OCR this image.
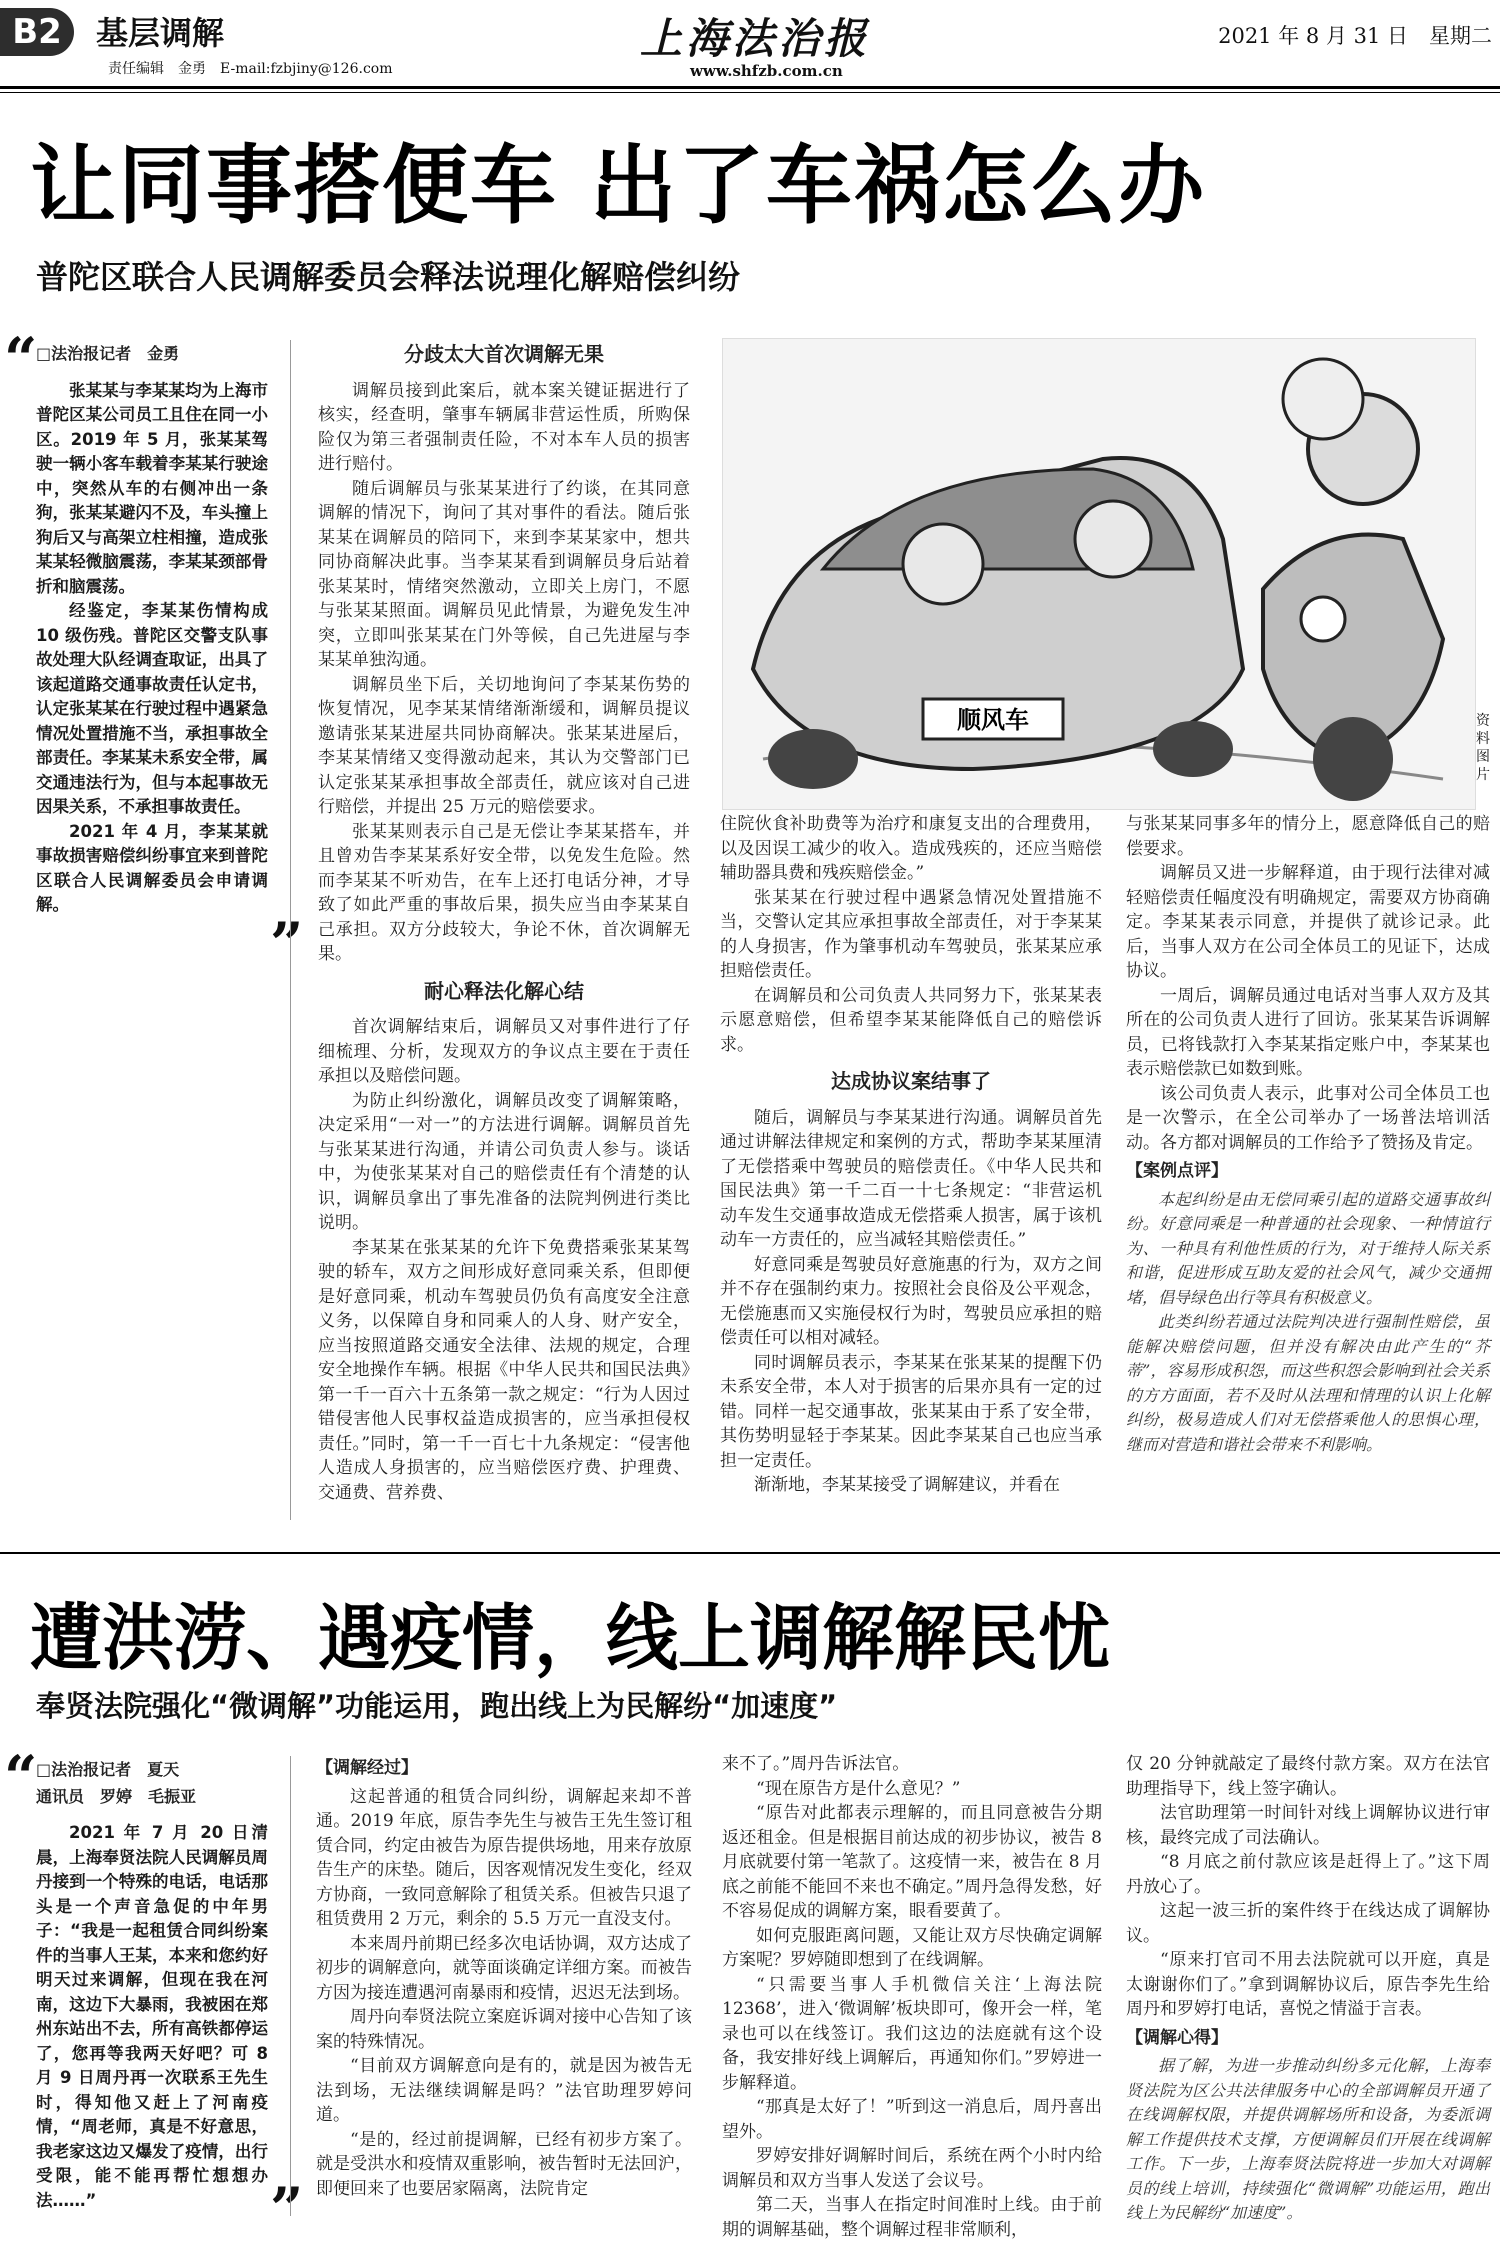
B2	基层调解
责任编辑　金勇　E-mail:fzbjiny@126.com
上海法治报
www.shfzb.com.cn
2021 年 8 月 31 日　星期二
让同事搭便车 出了车祸怎么办
普陀区联合人民调解委员会释法说理化解赔偿纠纷
“
”
□法治报记者　金勇

张某某与李某某均为上海市普陀区某公司员工且住在同一小区。2019 年 5 月，张某某驾驶一辆小客车载着李某某行驶途中，突然从车的右侧冲出一条狗，张某某避闪不及，车头撞上狗后又与高架立柱相撞，造成张某某轻微脑震荡，李某某颈部骨折和脑震荡。

经鉴定，李某某伤情构成 10 级伤残。普陀区交警支队事故处理大队经调查取证，出具了该起道路交通事故责任认定书，认定张某某在行驶过程中遇紧急情况处置措施不当，承担事故全部责任。李某某未系安全带，属交通违法行为，但与本起事故无因果关系，不承担事故责任。

2021 年 4 月，李某某就事故损害赔偿纠纷事宜来到普陀区联合人民调解委员会申请调解。

分歧太大首次调解无果

调解员接到此案后，就本案关键证据进行了核实，经查明，肇事车辆属非营运性质，所购保险仅为第三者强制责任险，不对本车人员的损害进行赔付。

随后调解员与张某某进行了约谈，在其同意调解的情况下，询问了其对事件的看法。随后张某某在调解员的陪同下，来到李某某家中，想共同协商解决此事。当李某某看到调解员身后站着张某某时，情绪突然激动，立即关上房门，不愿与张某某照面。调解员见此情景，为避免发生冲突，立即叫张某某在门外等候，自己先进屋与李某某单独沟通。

调解员坐下后，关切地询问了李某某伤势的恢复情况，见李某某情绪渐渐缓和，调解员提议邀请张某某进屋共同协商解决。张某某进屋后，李某某情绪又变得激动起来，其认为交警部门已认定张某某承担事故全部责任，就应该对自己进行赔偿，并提出 25 万元的赔偿要求。

张某某则表示自己是无偿让李某某搭车，并且曾劝告李某某系好安全带，以免发生危险。然而李某某不听劝告，在车上还打电话分神，才导致了如此严重的事故后果，损失应当由李某某自己承担。双方分歧较大，争论不休，首次调解无果。

耐心释法化解心结

首次调解结束后，调解员又对事件进行了仔细梳理、分析，发现双方的争议点主要在于责任承担以及赔偿问题。

为防止纠纷激化，调解员改变了调解策略，决定采用“一对一”的方法进行调解。调解员首先与张某某进行沟通，并请公司负责人参与。谈话中，为使张某某对自己的赔偿责任有个清楚的认识，调解员拿出了事先准备的法院判例进行类比说明。

李某某在张某某的允许下免费搭乘张某某驾驶的轿车，双方之间形成好意同乘关系，但即便是好意同乘，机动车驾驶员仍负有高度安全注意义务，以保障自身和同乘人的人身、财产安全，应当按照道路交通安全法律、法规的规定，合理安全地操作车辆。根据《中华人民共和国民法典》第一千一百六十五条第一款之规定：“行为人因过错侵害他人民事权益造成损害的，应当承担侵权责任。”同时，第一千一百七十九条规定：“侵害他人造成人身损害的，应当赔偿医疗费、护理费、交通费、营养费、

顺风车	资料图片

住院伙食补助费等为治疗和康复支出的合理费用，以及因误工减少的收入。造成残疾的，还应当赔偿辅助器具费和残疾赔偿金。”

张某某在行驶过程中遇紧急情况处置措施不当，交警认定其应承担事故全部责任，对于李某某的人身损害，作为肇事机动车驾驶员，张某某应承担赔偿责任。

在调解员和公司负责人共同努力下，张某某表示愿意赔偿，但希望李某某能降低自己的赔偿诉求。

达成协议案结事了

随后，调解员与李某某进行沟通。调解员首先通过讲解法律规定和案例的方式，帮助李某某厘清了无偿搭乘中驾驶员的赔偿责任。《中华人民共和国民法典》第一千二百一十七条规定：“非营运机动车发生交通事故造成无偿搭乘人损害，属于该机动车一方责任的，应当减轻其赔偿责任。”

好意同乘是驾驶员好意施惠的行为，双方之间并不存在强制约束力。按照社会良俗及公平观念，无偿施惠而又实施侵权行为时，驾驶员应承担的赔偿责任可以相对减轻。

同时调解员表示，李某某在张某某的提醒下仍未系安全带，本人对于损害的后果亦具有一定的过错。同样一起交通事故，张某某由于系了安全带，其伤势明显轻于李某某。因此李某某自己也应当承担一定责任。

渐渐地，李某某接受了调解建议，并看在

与张某某同事多年的情分上，愿意降低自己的赔偿要求。

调解员又进一步解释道，由于现行法律对减轻赔偿责任幅度没有明确规定，需要双方协商确定。李某某表示同意，并提供了就诊记录。此后，当事人双方在公司全体员工的见证下，达成协议。

一周后，调解员通过电话对当事人双方及其所在的公司负责人进行了回访。张某某告诉调解员，已将钱款打入李某某指定账户中，李某某也表示赔偿款已如数到账。

该公司负责人表示，此事对公司全体员工也是一次警示，在全公司举办了一场普法培训活动。各方都对调解员的工作给予了赞扬及肯定。

【案例点评】

本起纠纷是由无偿同乘引起的道路交通事故纠纷。好意同乘是一种普通的社会现象、一种情谊行为、一种具有利他性质的行为，对于维持人际关系和谐，促进形成互助友爱的社会风气，减少交通拥堵，倡导绿色出行等具有积极意义。

此类纠纷若通过法院判决进行强制性赔偿，虽能解决赔偿问题，但并没有解决由此产生的“芥蒂”，容易形成积怨，而这些积怨会影响到社会关系的方方面面，若不及时从法理和情理的认识上化解纠纷，极易造成人们对无偿搭乘他人的思惧心理，继而对营造和谐社会带来不利影响。

遭洪涝、遇疫情，线上调解解民忧
奉贤法院强化“微调解”功能运用，跑出线上为民解纷“加速度”
“
”
□法治报记者　夏天
通讯员　罗婷　毛振亚

2021 年 7 月 20 日清晨，上海奉贤法院人民调解员周丹接到一个特殊的电话，电话那头是一个声音急促的中年男子：“我是一起租赁合同纠纷案件的当事人王某，本来和您约好明天过来调解，但现在我在河南，这边下大暴雨，我被困在郑州东站出不去，所有高铁都停运了，您再等我两天好吧？可 8 月 9 日周丹再一次联系王先生时，得知他又赶上了河南疫情，“周老师，真是不好意思，我老家这边又爆发了疫情，出行受限，能不能再帮忙想想办法……”

【调解经过】

这起普通的租赁合同纠纷，调解起来却不普通。2019 年底，原告李先生与被告王先生签订租赁合同，约定由被告为原告提供场地，用来存放原告生产的床垫。随后，因客观情况发生变化，经双方协商，一致同意解除了租赁关系。但被告只退了租赁费用 2 万元，剩余的 5.5 万元一直没支付。

本来周丹前期已经多次电话协调，双方达成了初步的调解意向，就等面谈确定详细方案。而被告方因为接连遭遇河南暴雨和疫情，迟迟无法到场。

周丹向奉贤法院立案庭诉调对接中心告知了该案的特殊情况。

“目前双方调解意向是有的，就是因为被告无法到场，无法继续调解是吗？”法官助理罗婷问道。

“是的，经过前提调解，已经有初步方案了。就是受洪水和疫情双重影响，被告暂时无法回沪，即便回来了也要居家隔离，法院肯定

来不了。”周丹告诉法官。

“现在原告方是什么意见？”

“原告对此都表示理解的，而且同意被告分期返还租金。但是根据目前达成的初步协议，被告 8 月底就要付第一笔款了。这疫情一来，被告在 8 月底之前能不能回不来也不确定。”周丹急得发愁，好不容易促成的调解方案，眼看要黄了。

如何克服距离问题，又能让双方尽快确定调解方案呢？罗婷随即想到了在线调解。

“只需要当事人手机微信关注‘上海法院 12368’，进入‘微调解’板块即可，像开会一样，笔录也可以在线签订。我们这边的法庭就有这个设备，我安排好线上调解后，再通知你们。”罗婷进一步解释道。

“那真是太好了！”听到这一消息后，周丹喜出望外。

罗婷安排好调解时间后，系统在两个小时内给调解员和双方当事人发送了会议号。

第二天，当事人在指定时间准时上线。由于前期的调解基础，整个调解过程非常顺利，

仅 20 分钟就敲定了最终付款方案。双方在法官助理指导下，线上签字确认。

法官助理第一时间针对线上调解协议进行审核，最终完成了司法确认。

“8 月底之前付款应该是赶得上了。”这下周丹放心了。

这起一波三折的案件终于在线达成了调解协议。

“原来打官司不用去法院就可以开庭，真是太谢谢你们了。”拿到调解协议后，原告李先生给周丹和罗婷打电话，喜悦之情溢于言表。

【调解心得】

据了解，为进一步推动纠纷多元化解，上海奉贤法院为区公共法律服务中心的全部调解员开通了在线调解权限，并提供调解场所和设备，为委派调解工作提供技术支撑，方便调解员们开展在线调解工作。下一步，上海奉贤法院将进一步加大对调解员的线上培训，持续强化“微调解”功能运用，跑出线上为民解纷“加速度”。
